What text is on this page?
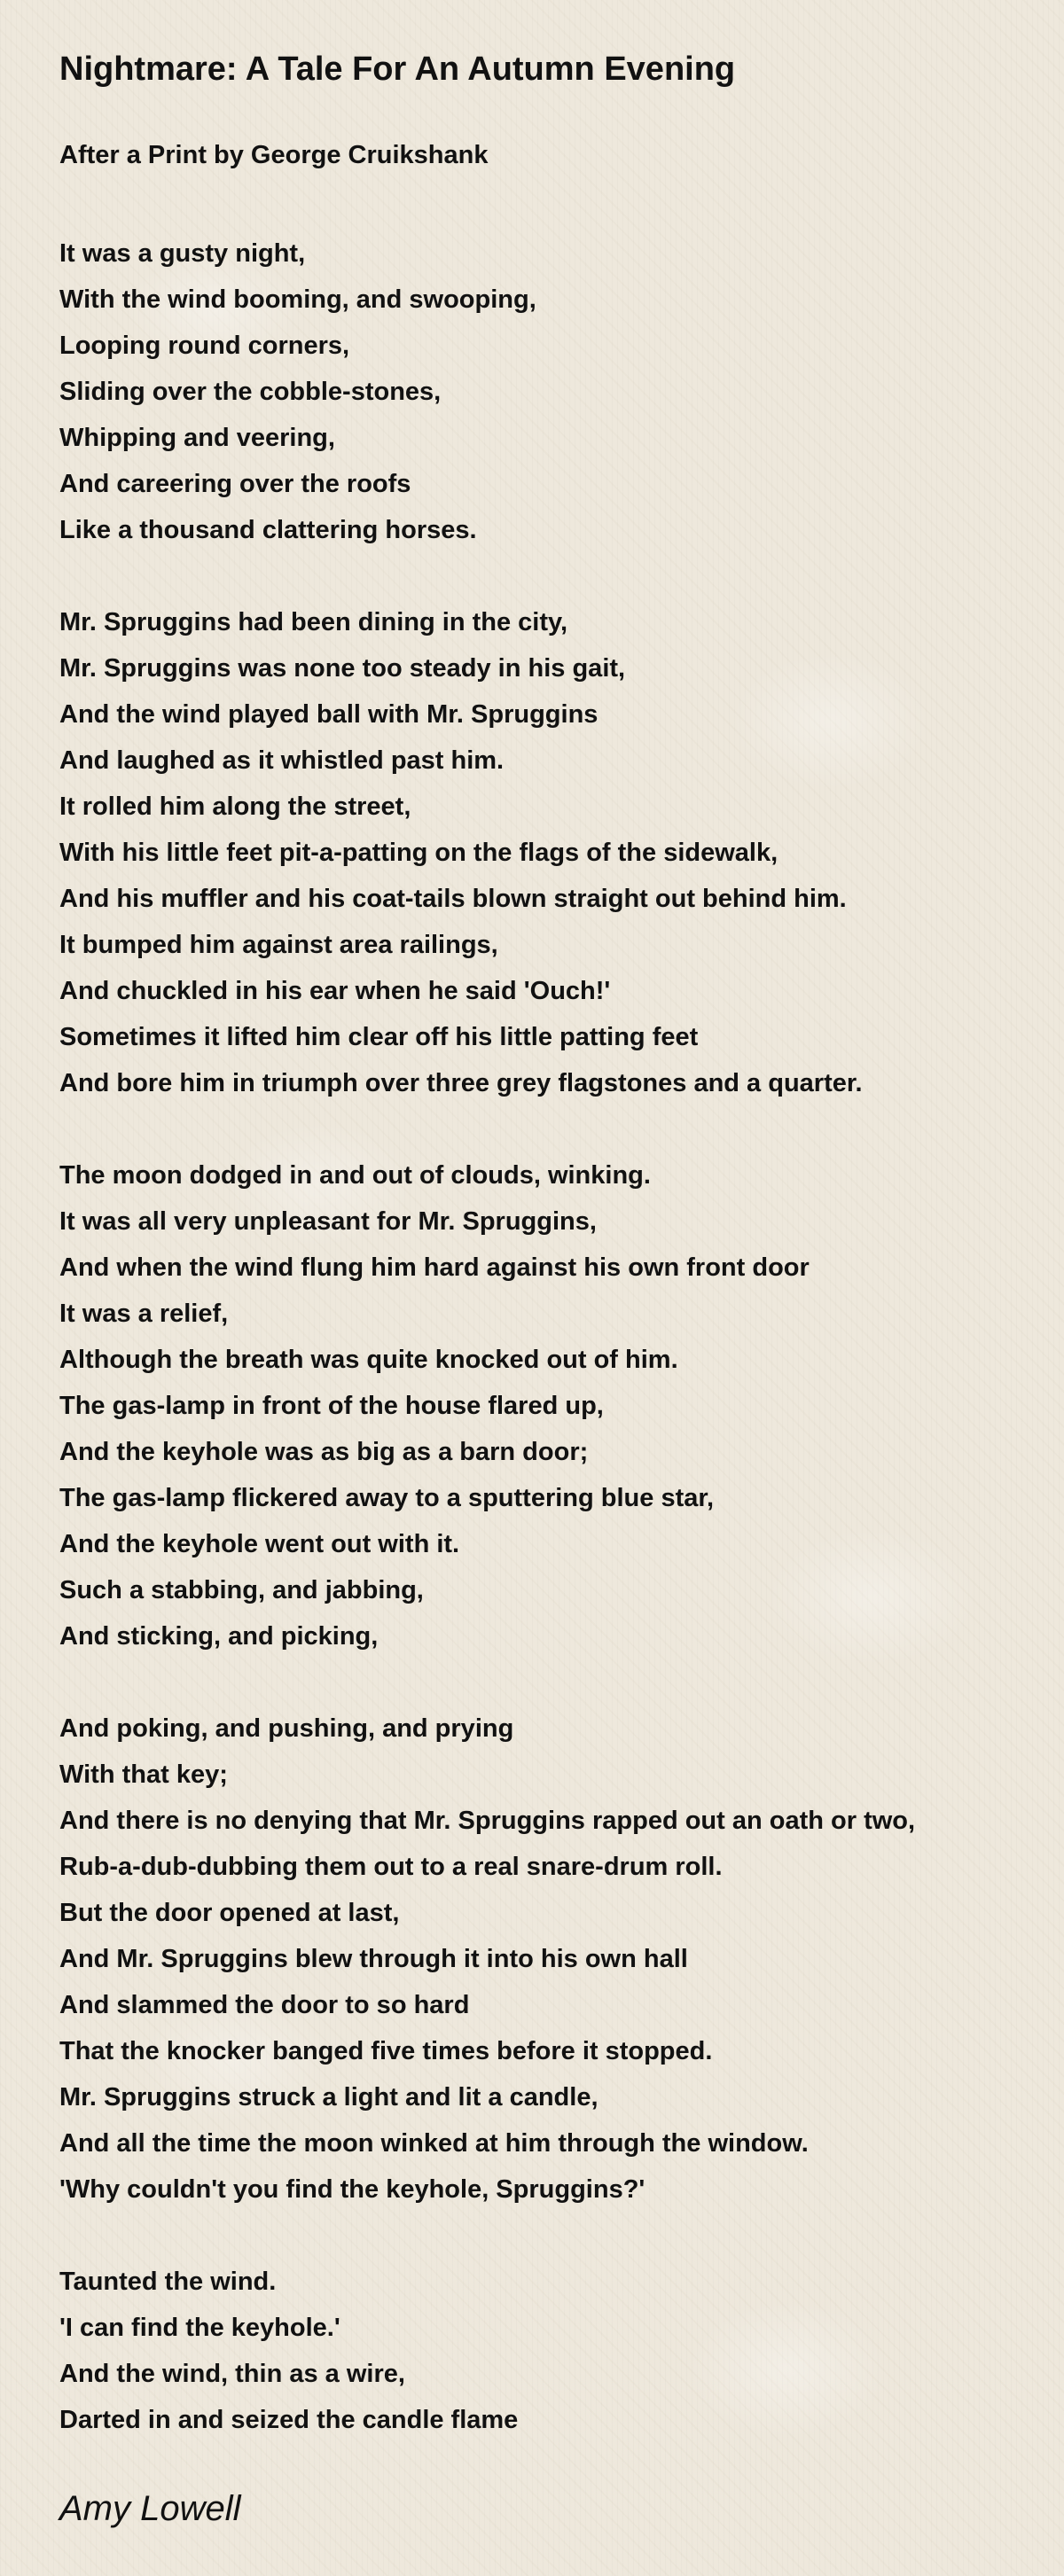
Nightmare: A Tale For An Autumn Evening
After a Print by George Cruikshank
It was a gusty night,
With the wind booming, and swooping,
Looping round corners,
Sliding over the cobble-stones,
Whipping and veering,
And careering over the roofs
Like a thousand clattering horses.
Mr. Spruggins had been dining in the city,
Mr. Spruggins was none too steady in his gait,
And the wind played ball with Mr. Spruggins
And laughed as it whistled past him.
It rolled him along the street,
With his little feet pit-a-patting on the flags of the sidewalk,
And his muffler and his coat-tails blown straight out behind him.
It bumped him against area railings,
And chuckled in his ear when he said 'Ouch!'
Sometimes it lifted him clear off his little patting feet
And bore him in triumph over three grey flagstones and a quarter.
The moon dodged in and out of clouds, winking.
It was all very unpleasant for Mr. Spruggins,
And when the wind flung him hard against his own front door
It was a relief,
Although the breath was quite knocked out of him.
The gas-lamp in front of the house flared up,
And the keyhole was as big as a barn door;
The gas-lamp flickered away to a sputtering blue star,
And the keyhole went out with it.
Such a stabbing, and jabbing,
And sticking, and picking,
And poking, and pushing, and prying
With that key;
And there is no denying that Mr. Spruggins rapped out an oath or two,
Rub-a-dub-dubbing them out to a real snare-drum roll.
But the door opened at last,
And Mr. Spruggins blew through it into his own hall
And slammed the door to so hard
That the knocker banged five times before it stopped.
Mr. Spruggins struck a light and lit a candle,
And all the time the moon winked at him through the window.
'Why couldn't you find the keyhole, Spruggins?'
Taunted the wind.
'I can find the keyhole.'
And the wind, thin as a wire,
Darted in and seized the candle flame
Amy Lowell
